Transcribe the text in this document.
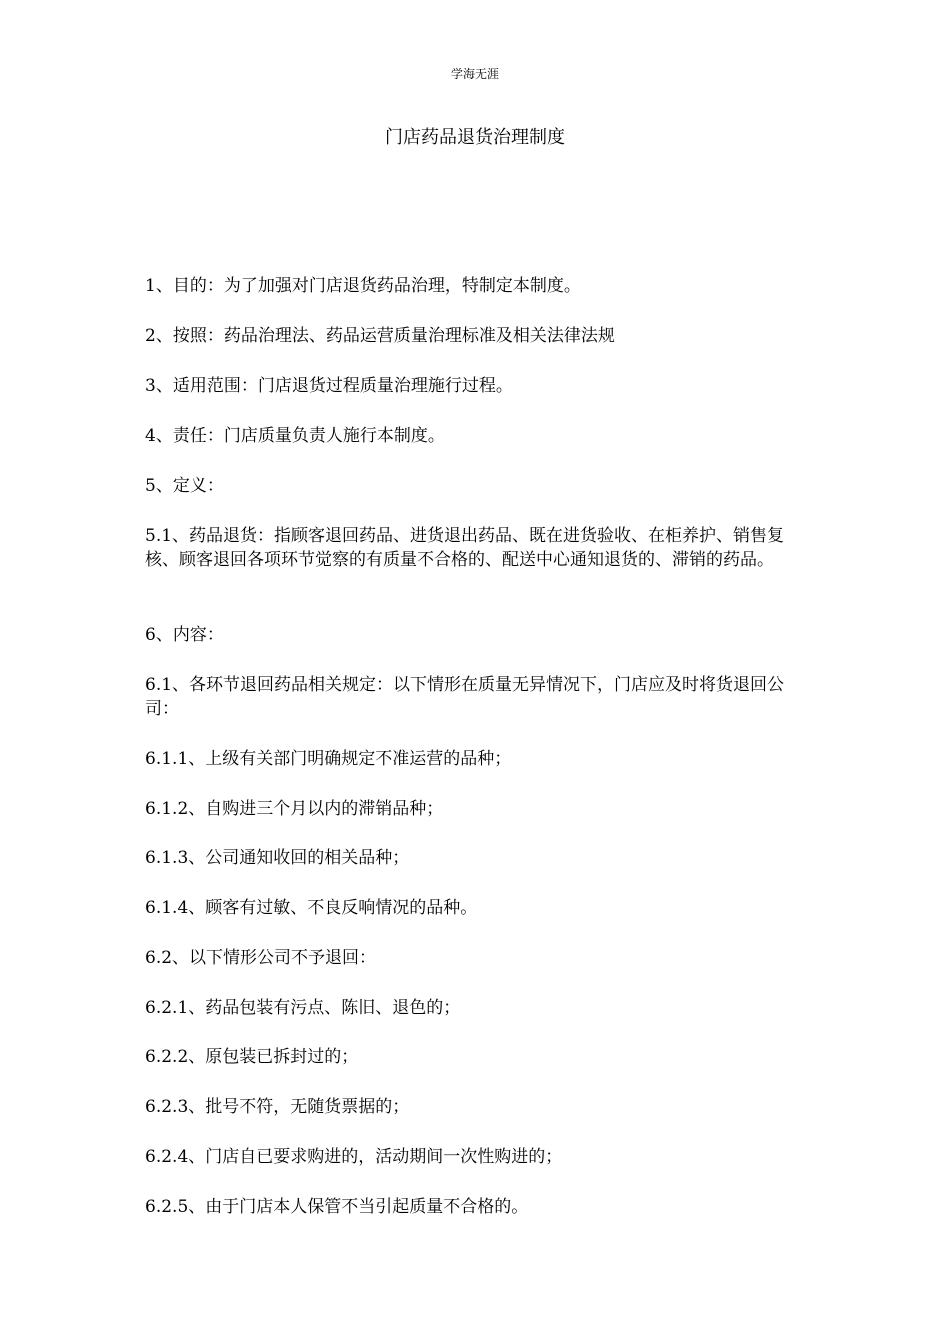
学海无涯
门店药品退货治理制度

1、目的：为了加强对门店退货药品治理，特制定本制度。

2、按照：药品治理法、药品运营质量治理标准及相关法律法规

3、适用范围：门店退货过程质量治理施行过程。

4、责任：门店质量负责人施行本制度。

5、定义：

5.1、药品退货：指顾客退回药品、进货退出药品、既在进货验收、在柜养护、销售复核、顾客退回各项环节觉察的有质量不合格的、配送中心通知退货的、滞销的药品。

6、内容：

6.1、各环节退回药品相关规定：以下情形在质量无异情况下，门店应及时将货退回公司：

6.1.1、上级有关部门明确规定不准运营的品种；

6.1.2、自购进三个月以内的滞销品种；

6.1.3、公司通知收回的相关品种；

6.1.4、顾客有过敏、不良反响情况的品种。

6.2、以下情形公司不予退回：

6.2.1、药品包装有污点、陈旧、退色的；

6.2.2、原包装已拆封过的；

6.2.3、批号不符，无随货票据的；

6.2.4、门店自已要求购进的，活动期间一次性购进的；

6.2.5、由于门店本人保管不当引起质量不合格的。
